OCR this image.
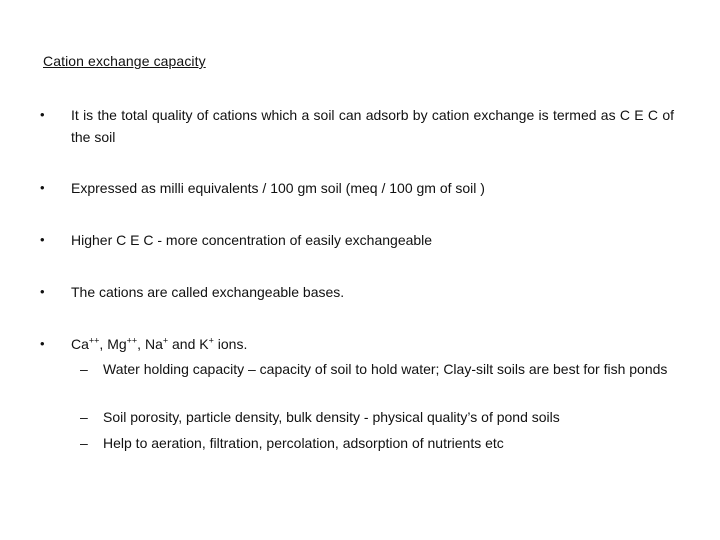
Cation exchange capacity
• It is the total quality of cations which a soil can adsorb by cation exchange is termed as C E C of the soil
• Expressed as milli equivalents / 100 gm soil (meq / 100 gm of soil )
• Higher C E C - more concentration of easily exchangeable
• The cations are called exchangeable bases.
• Ca++, Mg++, Na+ and K+ ions.
– Water holding capacity – capacity of soil to hold water; Clay-silt soils are best for fish ponds
– Soil porosity, particle density, bulk density - physical quality’s of pond soils
– Help to aeration, filtration, percolation, adsorption of nutrients etc
